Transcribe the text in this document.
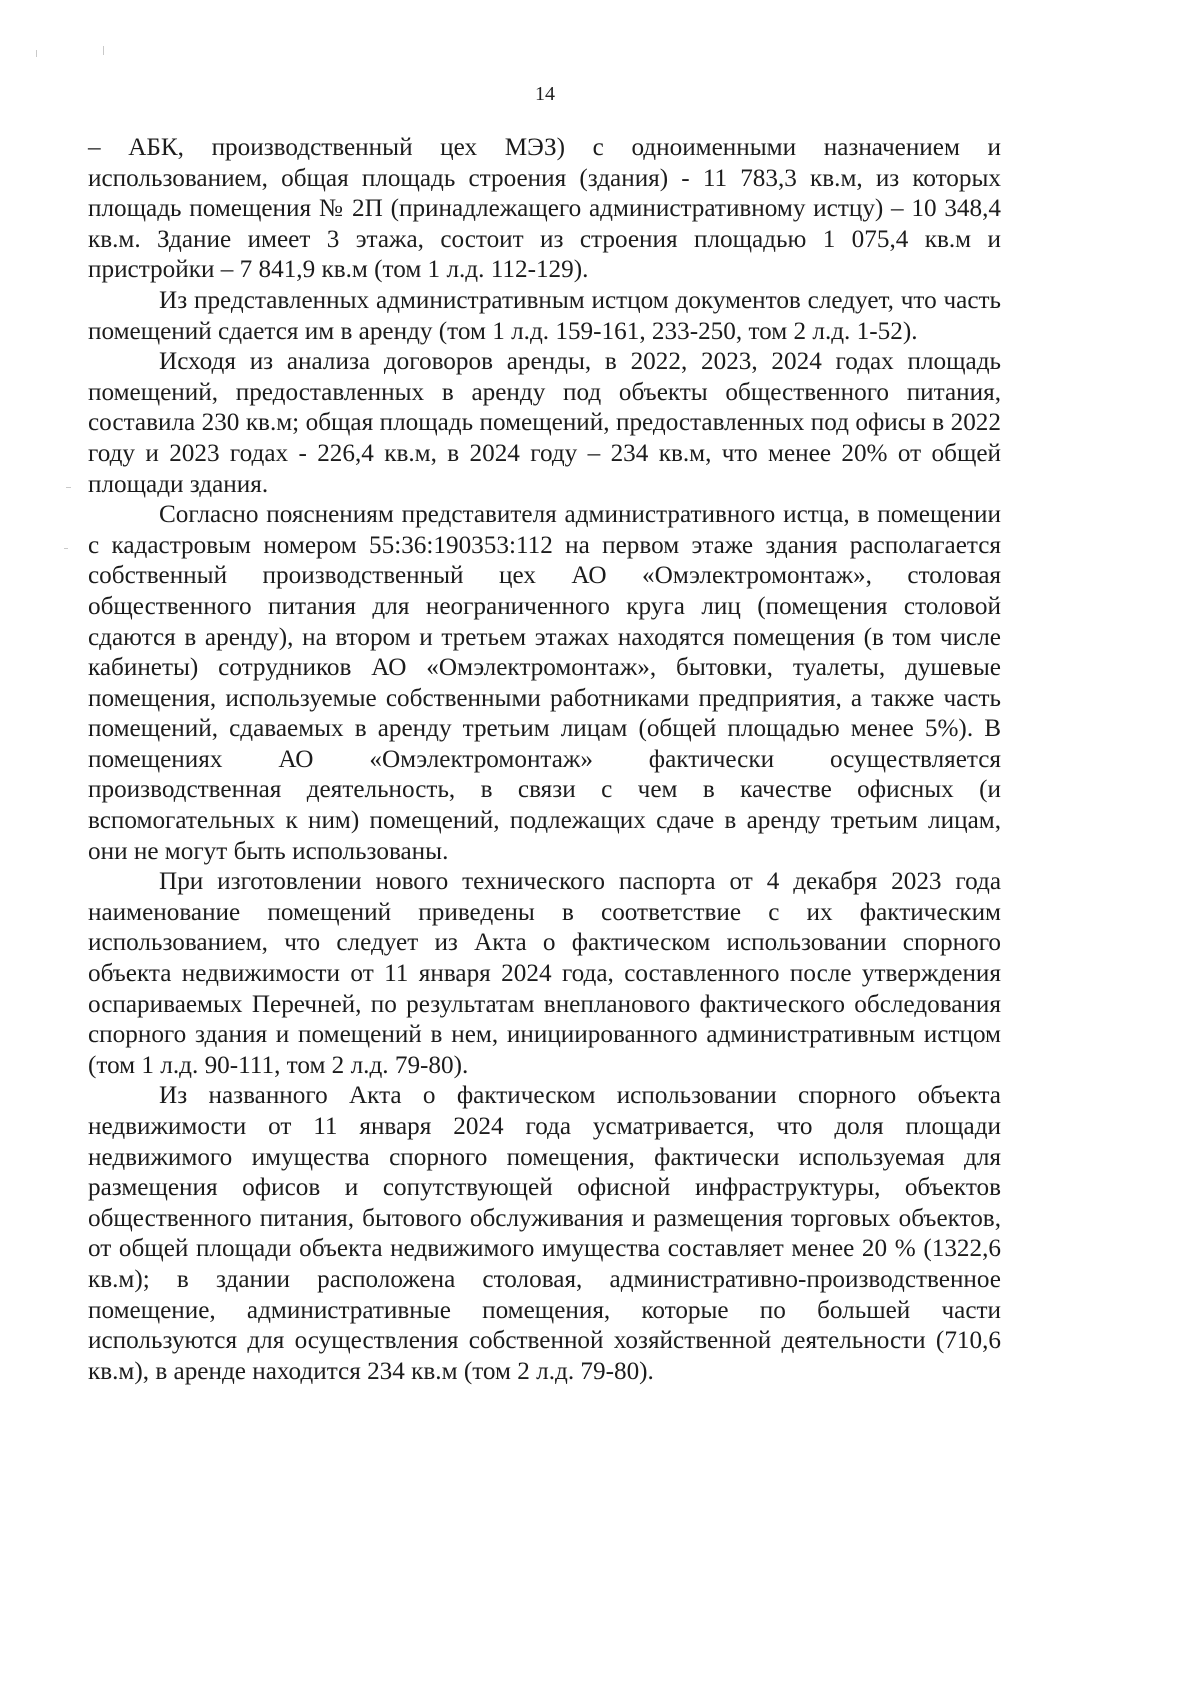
14

– АБК, производственный цех МЭЗ) с одноименными назначением и использованием, общая площадь строения (здания) - 11 783,3 кв.м, из которых площадь помещения № 2П (принадлежащего административному истцу) – 10 348,4 кв.м. Здание имеет 3 этажа, состоит из строения площадью 1 075,4 кв.м и пристройки – 7 841,9 кв.м (том 1 л.д. 112-129).

Из представленных административным истцом документов следует, что часть помещений сдается им в аренду (том 1 л.д. 159-161, 233-250, том 2 л.д. 1-52).

Исходя из анализа договоров аренды, в 2022, 2023, 2024 годах площадь помещений, предоставленных в аренду под объекты общественного питания, составила 230 кв.м; общая площадь помещений, предоставленных под офисы в 2022 году и 2023 годах - 226,4 кв.м, в 2024 году – 234 кв.м, что менее 20% от общей площади здания.

Согласно пояснениям представителя административного истца, в помещении с кадастровым номером 55:36:190353:112 на первом этаже здания располагается собственный производственный цех АО «Омэлектромонтаж», столовая общественного питания для неограниченного круга лиц (помещения столовой сдаются в аренду), на втором и третьем этажах находятся помещения (в том числе кабинеты) сотрудников АО «Омэлектромонтаж», бытовки, туалеты, душевые помещения, используемые собственными работниками предприятия, а также часть помещений, сдаваемых в аренду третьим лицам (общей площадью менее 5%). В помещениях АО «Омэлектромонтаж» фактически осуществляется производственная деятельность, в связи с чем в качестве офисных (и вспомогательных к ним) помещений, подлежащих сдаче в аренду третьим лицам, они не могут быть использованы.

При изготовлении нового технического паспорта от 4 декабря 2023 года наименование помещений приведены в соответствие с их фактическим использованием, что следует из Акта о фактическом использовании спорного объекта недвижимости от 11 января 2024 года, составленного после утверждения оспариваемых Перечней, по результатам внепланового фактического обследования спорного здания и помещений в нем, инициированного административным истцом (том 1 л.д. 90-111, том 2 л.д. 79-80).

Из названного Акта о фактическом использовании спорного объекта недвижимости от 11 января 2024 года усматривается, что доля площади недвижимого имущества спорного помещения, фактически используемая для размещения офисов и сопутствующей офисной инфраструктуры, объектов общественного питания, бытового обслуживания и размещения торговых объектов, от общей площади объекта недвижимого имущества составляет менее 20 % (1322,6 кв.м); в здании расположена столовая, административно-производственное помещение, административные помещения, которые по большей части используются для осуществления собственной хозяйственной деятельности (710,6 кв.м), в аренде находится 234 кв.м (том 2 л.д. 79-80).
